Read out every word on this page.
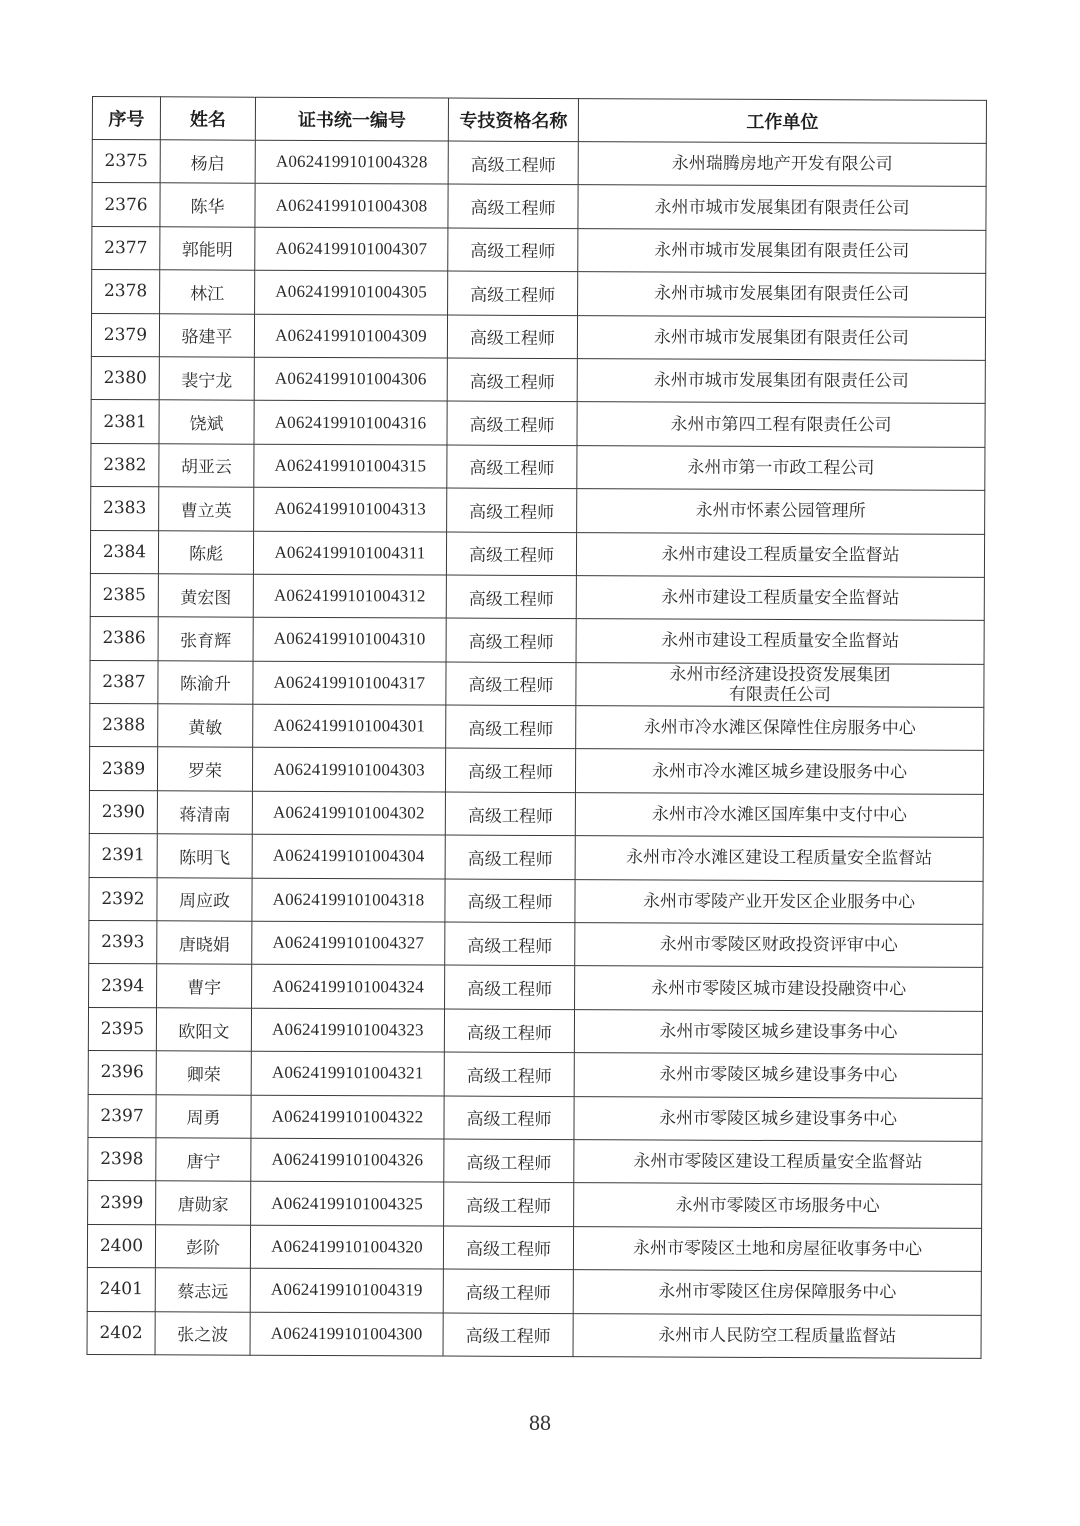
序号	姓名	证书统一编号	专技资格名称	工作单位
2375	杨启	A0624199101004328	高级工程师	永州瑞腾房地产开发有限公司
2376	陈华	A0624199101004308	高级工程师	永州市城市发展集团有限责任公司
2377	郭能明	A0624199101004307	高级工程师	永州市城市发展集团有限责任公司
2378	林江	A0624199101004305	高级工程师	永州市城市发展集团有限责任公司
2379	骆建平	A0624199101004309	高级工程师	永州市城市发展集团有限责任公司
2380	裴宁龙	A0624199101004306	高级工程师	永州市城市发展集团有限责任公司
2381	饶斌	A0624199101004316	高级工程师	永州市第四工程有限责任公司
2382	胡亚云	A0624199101004315	高级工程师	永州市第一市政工程公司
2383	曹立英	A0624199101004313	高级工程师	永州市怀素公园管理所
2384	陈彪	A0624199101004311	高级工程师	永州市建设工程质量安全监督站
2385	黄宏图	A0624199101004312	高级工程师	永州市建设工程质量安全监督站
2386	张育辉	A0624199101004310	高级工程师	永州市建设工程质量安全监督站
2387	陈渝升	A0624199101004317	高级工程师	永州市经济建设投资发展集团
有限责任公司
2388	黄敏	A0624199101004301	高级工程师	永州市冷水滩区保障性住房服务中心
2389	罗荣	A0624199101004303	高级工程师	永州市冷水滩区城乡建设服务中心
2390	蒋清南	A0624199101004302	高级工程师	永州市冷水滩区国库集中支付中心
2391	陈明飞	A0624199101004304	高级工程师	永州市冷水滩区建设工程质量安全监督站
2392	周应政	A0624199101004318	高级工程师	永州市零陵产业开发区企业服务中心
2393	唐晓娟	A0624199101004327	高级工程师	永州市零陵区财政投资评审中心
2394	曹宇	A0624199101004324	高级工程师	永州市零陵区城市建设投融资中心
2395	欧阳文	A0624199101004323	高级工程师	永州市零陵区城乡建设事务中心
2396	卿荣	A0624199101004321	高级工程师	永州市零陵区城乡建设事务中心
2397	周勇	A0624199101004322	高级工程师	永州市零陵区城乡建设事务中心
2398	唐宁	A0624199101004326	高级工程师	永州市零陵区建设工程质量安全监督站
2399	唐勋家	A0624199101004325	高级工程师	永州市零陵区市场服务中心
2400	彭阶	A0624199101004320	高级工程师	永州市零陵区土地和房屋征收事务中心
2401	蔡志远	A0624199101004319	高级工程师	永州市零陵区住房保障服务中心
2402	张之波	A0624199101004300	高级工程师	永州市人民防空工程质量监督站
88
